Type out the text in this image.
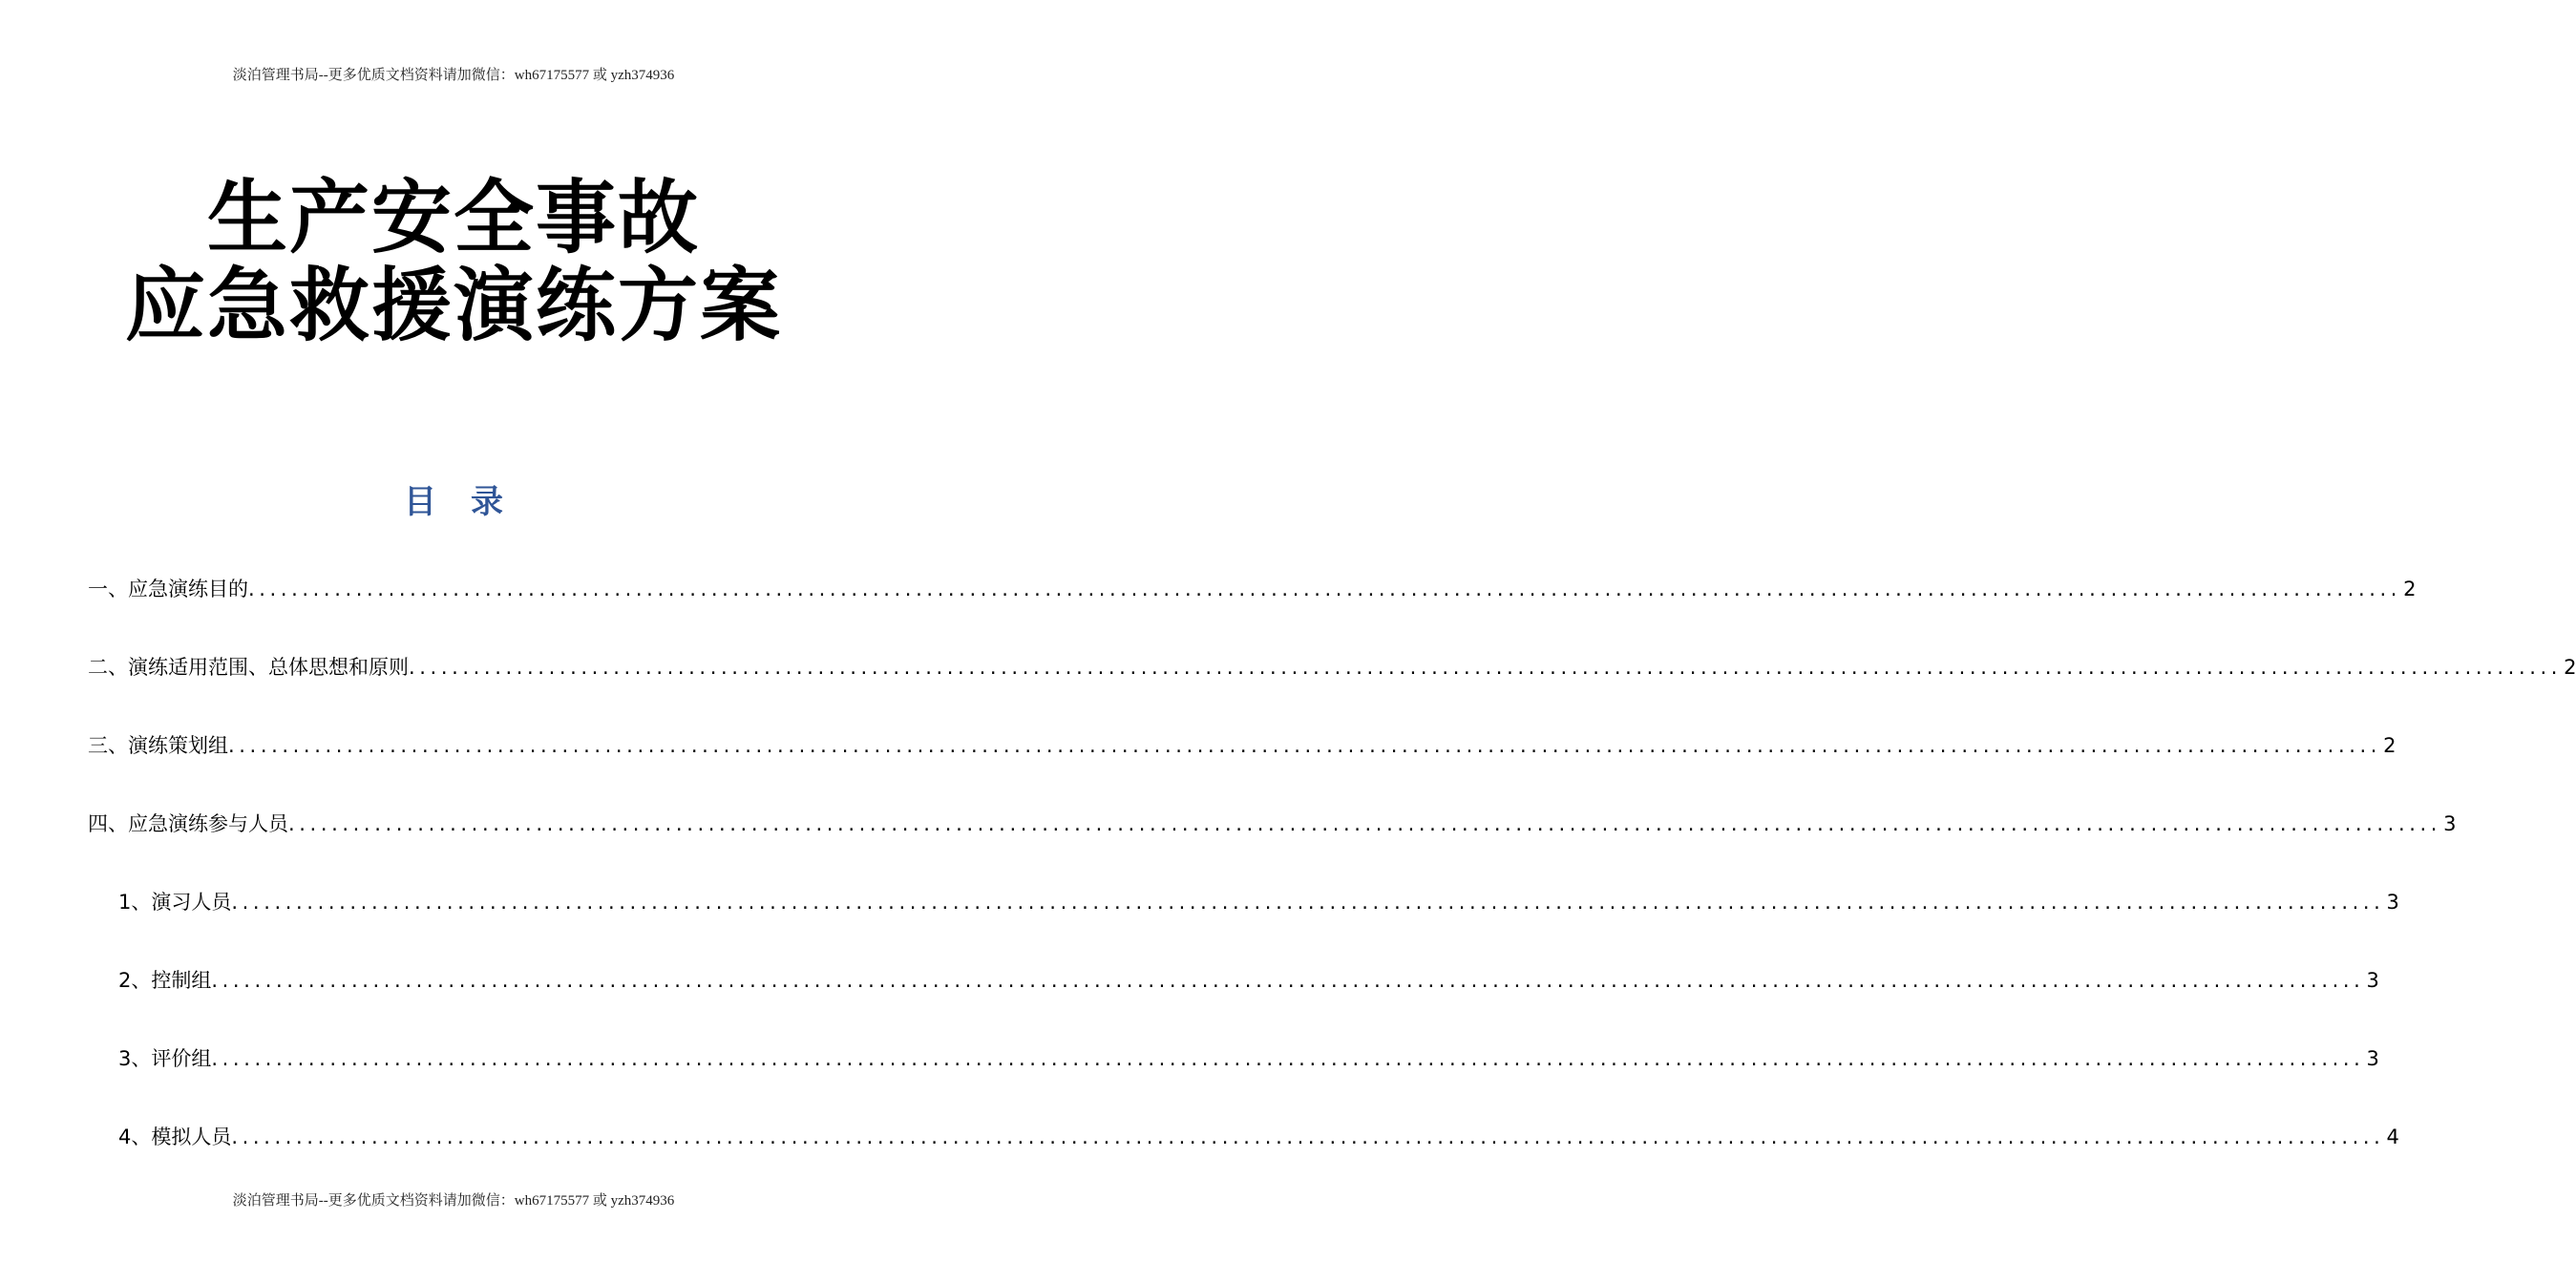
淡泊管理书局--更多优质文档资料请加微信：wh67175577 或 yzh374936
生产安全事故
应急救援演练方案
目录
一、应急演练目的 ........................................................................................................................................................................................................ 2
二、演练适用范围、总体思想和原则 ........................................................................................................................................................................................................ 2
三、演练策划组 ........................................................................................................................................................................................................ 2
四、应急演练参与人员 ........................................................................................................................................................................................................ 3
1、演习人员 ........................................................................................................................................................................................................ 3
2、控制组 ........................................................................................................................................................................................................ 3
3、评价组 ........................................................................................................................................................................................................ 3
4、模拟人员 ........................................................................................................................................................................................................ 4
淡泊管理书局--更多优质文档资料请加微信：wh67175577 或 yzh374936
